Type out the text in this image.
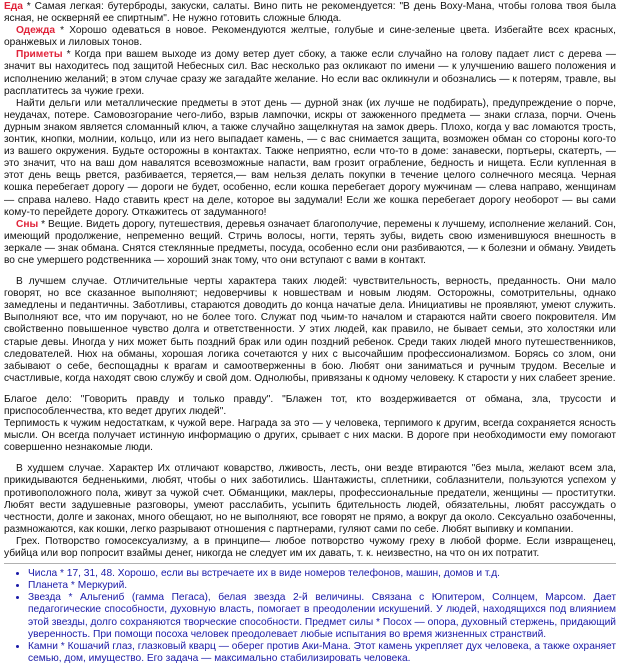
Еда * Самая легкая: бутерброды, закуски, салаты. Вино пить не рекомендуется: "В день Воху-Мана, чтобы голова твоя была ясная, не оскверняй ее спиртным". Не нужно готовить сложные блюда.

Одежда * Хорошо одеваться в новое. Рекомендуются желтые, голубые и сине-зеленые цвета. Избегайте всех красных, оранжевых и лиловых тонов.

Приметы * Когда при вашем выходе из дому ветер дует сбоку, а также если случайно на голову падает лист с дерева — значит вы находитесь под защитой Небесных сил. Вас несколько раз окликают по имени — к улучшению вашего положения и исполнению желаний; в этом случае сразу же загадайте желание. Но если вас окликнули и обознались — к потерям, травле, вы расплатитесь за чужие грехи.

Найти дельги или металлические предметы в этот день — дурной знак (их лучше не подбирать), предупреждение о порче, неудачах, потере. Самовозгорание чего-либо, взрыв лампочки, искры от зажженного предмета — знаки сглаза, порчи. Очень дурным знаком является сломанный ключ, а также случайно защелкнутая на замок дверь. Плохо, когда у вас ломаются трость, зонтик, кнопки, молнии, кольцо, или из него выпадает камень, — с вас снимается защита, возможен обман со стороны кого-то из вашего окружения. Будьте осторожны в контактах. Также неприятно, если что-то в доме: занавески, портьеры, скатерть, — это значит, что на ваш дом навалятся всевозможные напасти, вам грозит ограбление, бедность и нищета. Если купленная в этот день вещь рвется, разбивается, теряется,— вам нельзя делать покупки в течение целого солнечного месяца. Черная кошка перебегает дорогу — дороги не будет, особенно, если кошка перебегает дорогу мужчинам — слева направо, женщинам — справа налево. Надо ставить крест на деле, которое вы задумали! Если же кошка перебегает дорогу необорот — вы сами кому-то перейдете дорогу. Откажитесь от задуманного!

Сны * Вещие. Видеть дорогу, путешествия, деревья означает благополучие, перемены к лучшему, исполнение желаний. Сон, имеющий продолжение, непременно вещий. Стричь волосы, ногти, терять зубы, видеть свою изменившуюся внешность в зеркале — знак обмана. Снятся стеклянные предметы, посуда, особенно если они разбиваются, — к болезни и обману. Увидеть во сне умершего родственника — хороший знак тому, что они вступают с вами в контакт.

В лучшем случае. Отличительные черты характера таких людей: чувствительность, верность, преданность. Они мало говорят, но все сказанное выполняют; недоверчивы к новшествам и новым людям. Осторожны, сомотрительны, однако замедлены и педантичны. Заботливы, стараются доводить до конца начатые дела. Инициативы не проявляют, умеют служить. Выполняют все, что им поручают, но не более того. Служат под чьим-то началом и стараются найти своего покровителя. Им свойственно повышенное чувство долга и ответственности. У этих людей, как правило, не бывает семьи, это холостяки или старые девы. Иногда у них может быть поздний брак или один поздний ребенок. Среди таких людей много путешественников, следователей. Нюх на обманы, хорошая логика сочетаются у них с высочайшим профессионализмом. Борясь со злом, они забывают о себе, беспощадны к врагам и самоотверженны в бою. Любят они заниматься и ручным трудом. Веселые и счастливые, когда находят свою службу и свой дом. Однолюбы, привязаны к одному человеку. К старости у них слабеет зрение.

Благое дело: "Говорить правду и только правду". "Блажен тот, кто воздерживается от обмана, зла, трусости и приспособленчества, кто ведет других людей".

Терпимость к чужим недостаткам, к чужой вере. Награда за это — у человека, терпимого к другим, всегда сохраняется ясность мысли. Он всегда получает истинную информацию о других, срывает с них маски. В дороге при необходимости ему помогают совершенно незнакомые люди.

В худшем случае. Характер Их отличают коварство, лживость, лесть, они везде втираются "без мыла, желают всем зла, прикидываются бедненькими, любят, чтобы о них заботились. Шантажисты, сплетники, соблазнители, пользуются успехом у противоположного пола, живут за чужой счет. Обманщики, маклеры, профессиональные предатели, женщины — проститутки. Любят вести задушевные разговоры, умеют расслабить, усыпить бдительность людей, обязательны, любят рассуждать о честности, долге и законах, много обещают, но не выполняют, все говорят не прямо, а вокруг да около. Сексуально озабоченны, размножаются, как кошки, легко разрывают отношения с партнерами, гуляют сами по себе. Любят выпивку и компании.

Грех. Потворство гомосексуализму, а в принципе— любое потворство чужому греху в любой форме. Если извращенец, убийца или вор попросит взаймы денег, никогда не следует им их давать, т. к. неизвестно, на что он их потратит.

• Числа * 17, 31, 48. Хорошо, если вы встречаете их в виде номеров телефонов, машин, домов и т.д.
• Планета * Меркурий.
• Звезда * Альгениб (гамма Пегаса), белая звезда 2-й величины. Связана с Юпитером, Солнцем, Марсом. Дает педагогические способности, духовную власть, помогает в преодолении искушений. У людей, находящихся под влиянием этой звезды, долго сохраняются творческие способности. Предмет силы * Посох — опора, духовный стержень, придающий уверенность. При помощи посоха человек преодолевает любые испытания во время жизненных странствий.
• Камни * Кошачий глаз, глазковый кварц — оберег против Аки-Мана. Этот камень укрепляет дух человека, а также охраняет семью, дом, имущество. Его задача — максимально стабилизировать человека.
